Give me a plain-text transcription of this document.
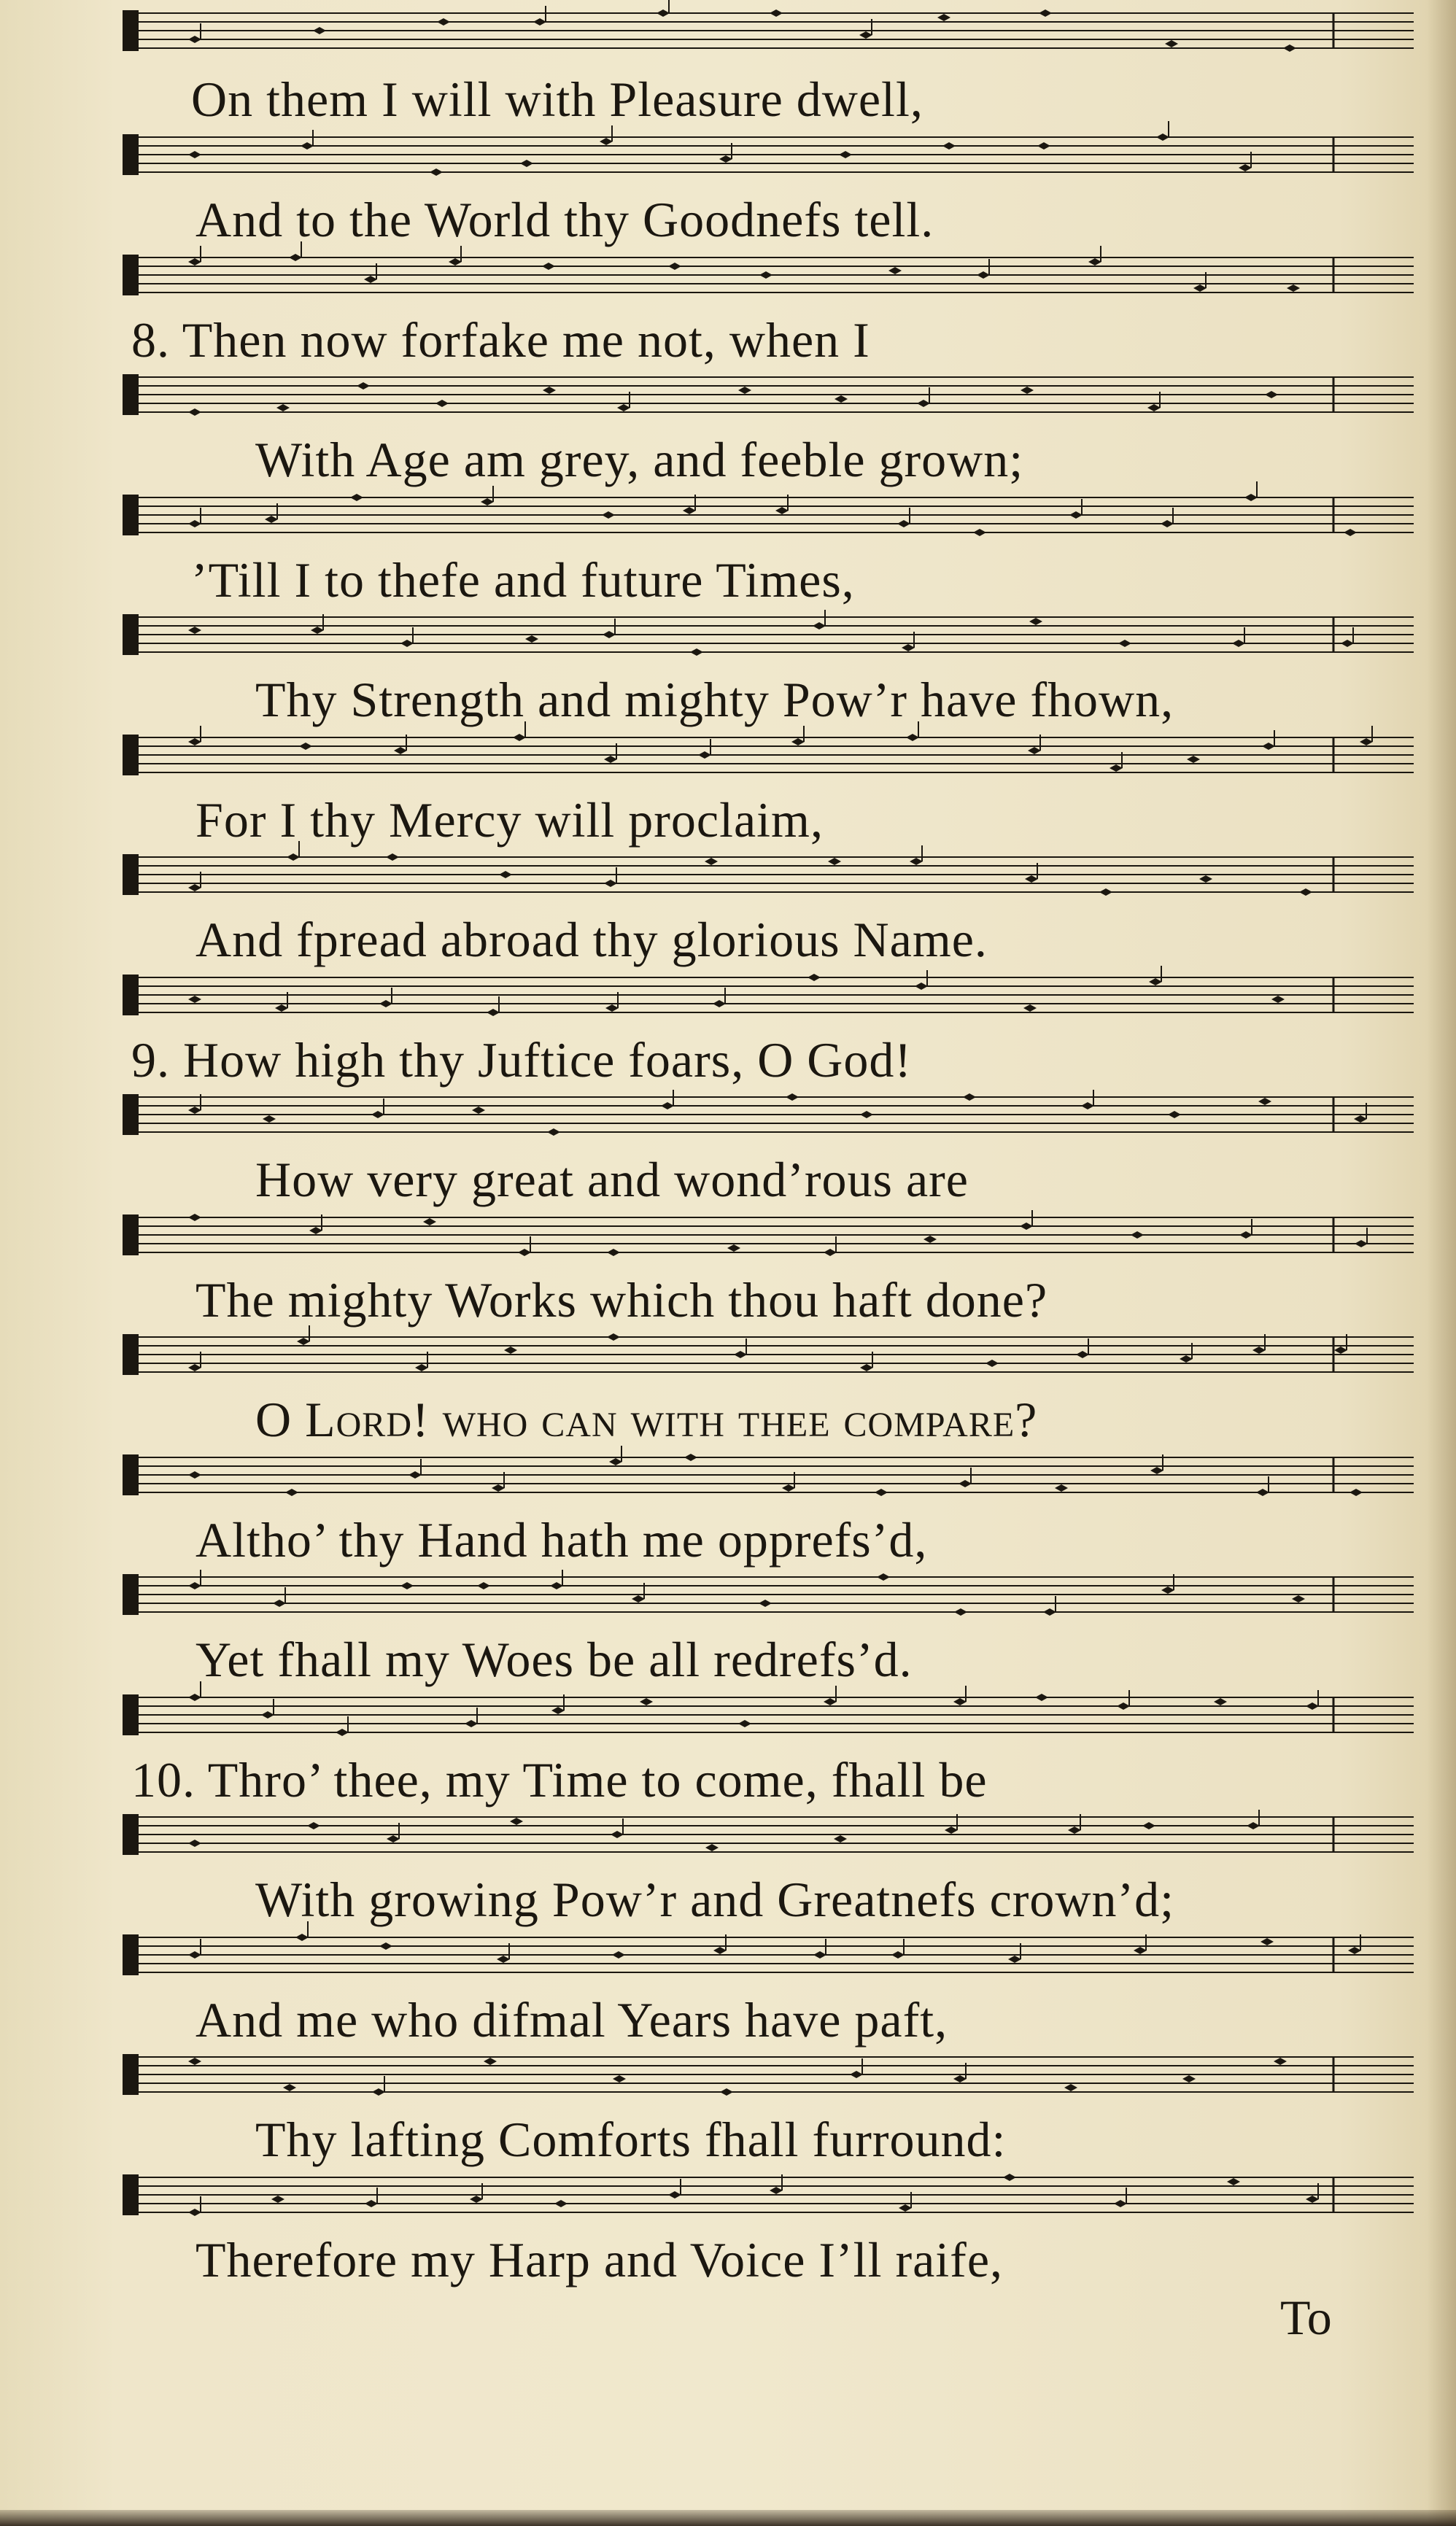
On them I will with Pleasure dwell,
And to the World thy Goodnefs tell.
8. Then now forfake me not, when I
With Age am grey, and feeble grown;
’Till I to thefe and future Times,
Thy Strength and mighty Pow’r have fhown,
For I thy Mercy will proclaim,
And fpread abroad thy glorious Name.
9. How high thy Juftice foars, O God!
How very great and wond’rous are
The mighty Works which thou haft done?
O Lord! who can with thee compare?
Altho’ thy Hand hath me opprefs’d,
Yet fhall my Woes be all redrefs’d.
10. Thro’ thee, my Time to come, fhall be
With growing Pow’r and Greatnefs crown’d;
And me who difmal Years have paft,
Thy lafting Comforts fhall furround:
Therefore my Harp and Voice I’ll raife,
To
